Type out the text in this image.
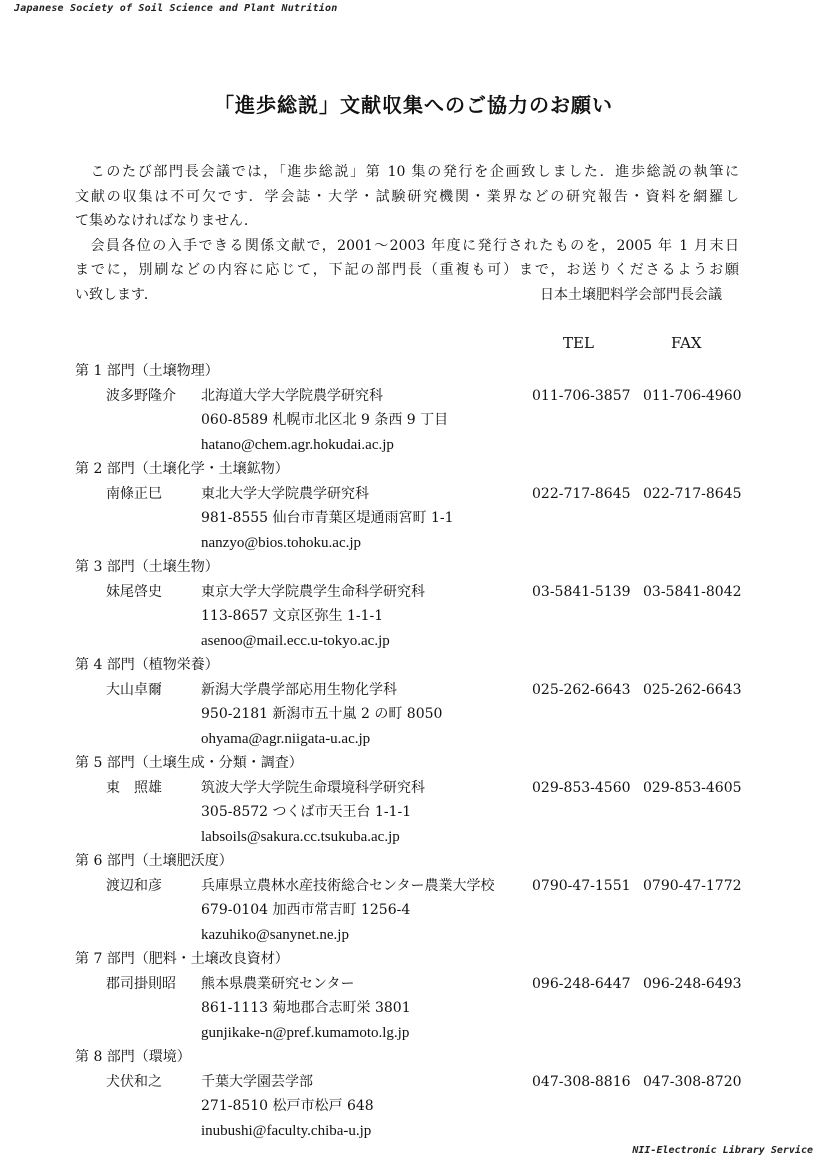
Japanese Society of Soil Science and Plant Nutrition
「進歩総説」文献収集へのご協力のお願い
　このたび部門長会議では，「進歩総説」第 10 集の発行を企画致しました．進歩総説の執筆に
文献の収集は不可欠です．学会誌・大学・試験研究機関・業界などの研究報告・資料を網羅し
て集めなければなりません．
　会員各位の入手できる関係文献で，2001～2003 年度に発行されたものを，2005 年 1 月末日
までに，別刷などの内容に応じて，下記の部門長（重複も可）まで，お送りくださるようお願
い致します．	日本土壌肥料学会部門長会議
TEL	FAX
第 1 部門（土壌物理）
波多野隆介 北海道大学大学院農学研究科	011-706-3857 011-706-4960
060-8589 札幌市北区北 9 条西 9 丁目
hatano@chem.agr.hokudai.ac.jp
第 2 部門（土壌化学・土壌鉱物）
南條正巳	東北大学大学院農学研究科	022-717-8645 022-717-8645
981-8555 仙台市青葉区堤通雨宮町 1-1
nanzyo@bios.tohoku.ac.jp
第 3 部門（土壌生物）
妹尾啓史	東京大学大学院農学生命科学研究科	03-5841-5139 03-5841-8042
113-8657 文京区弥生 1-1-1
asenoo@mail.ecc.u-tokyo.ac.jp
第 4 部門（植物栄養）
大山卓爾	新潟大学農学部応用生物化学科	025-262-6643 025-262-6643
950-2181 新潟市五十嵐 2 の町 8050
ohyama@agr.niigata-u.ac.jp
第 5 部門（土壌生成・分類・調査）
東　照雄	筑波大学大学院生命環境科学研究科	029-853-4560 029-853-4605
305-8572 つくば市天王台 1-1-1
labsoils@sakura.cc.tsukuba.ac.jp
第 6 部門（土壌肥沃度）
渡辺和彦	兵庫県立農林水産技術総合センター農業大学校	0790-47-1551 0790-47-1772
679-0104 加西市常吉町 1256-4
kazuhiko@sanynet.ne.jp
第 7 部門（肥料・土壌改良資材）
郡司掛則昭 熊本県農業研究センター	096-248-6447 096-248-6493
861-1113 菊地郡合志町栄 3801
gunjikake-n@pref.kumamoto.lg.jp
第 8 部門（環境）
犬伏和之	千葉大学園芸学部	047-308-8816 047-308-8720
271-8510 松戸市松戸 648
inubushi@faculty.chiba-u.jp
NII-Electronic Library Service
